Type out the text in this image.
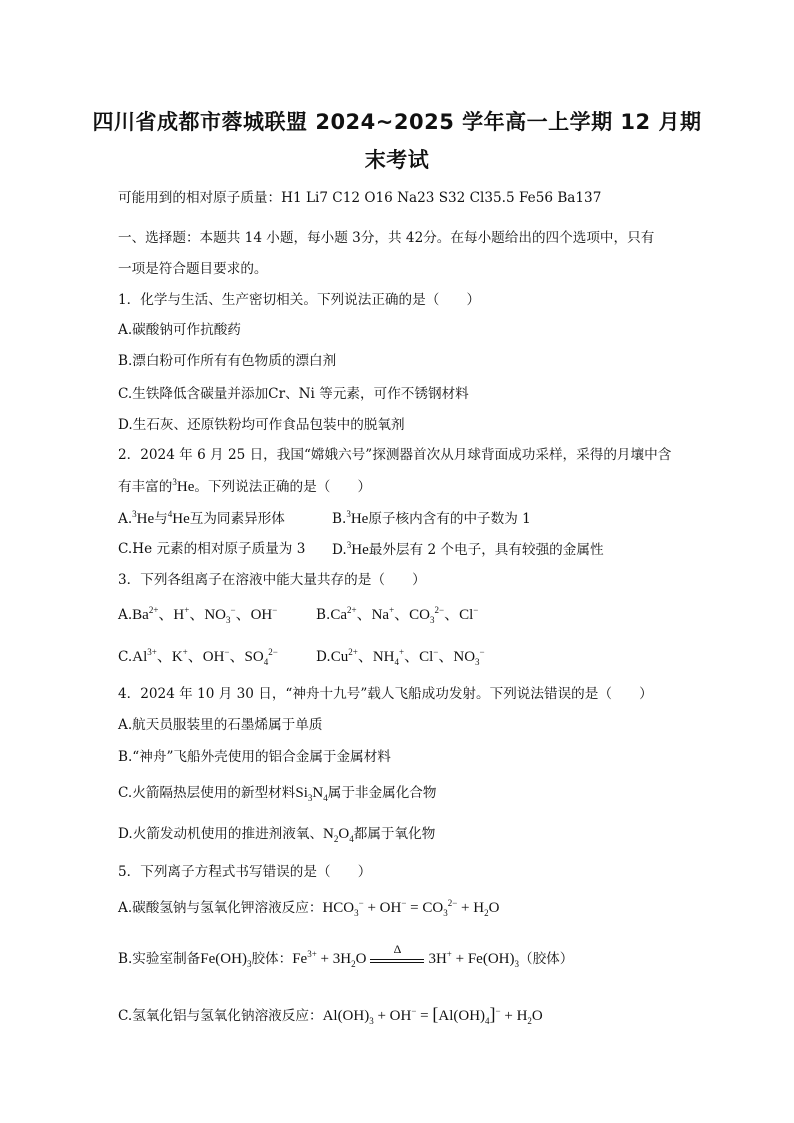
四川省成都市蓉城联盟 2024~2025 学年高一上学期 12 月期
末考试
可能用到的相对原子质量：H1 Li7 C12 O16 Na23 S32 Cl35.5 Fe56 Ba137
一、选择题：本题共 14 小题，每小题 3分，共 42分。在每小题给出的四个选项中，只有
一项是符合题目要求的。
1．化学与生活、生产密切相关。下列说法正确的是（　　）
A.碳酸钠可作抗酸药
B.漂白粉可作所有有色物质的漂白剂
C.生铁降低含碳量并添加Cr、Ni 等元素，可作不锈钢材料
D.生石灰、还原铁粉均可作食品包装中的脱氧剂
2．2024 年 6 月 25 日，我国“嫦娥六号”探测器首次从月球背面成功采样，采得的月壤中含
有丰富的$^3$He。下列说法正确的是（　　）
A.$^3$He与$^4$He互为同素异形体	B.$^3$He原子核内含有的中子数为 1
C.He 元素的相对原子质量为 3 D.$^3$He最外层有 2 个电子，具有较强的金属性
3．下列各组离子在溶液中能大量共存的是（　　）
$A.Ba^{2+}$、H+、$NO_3^-$、OH−	$B.Ca^{2+}$、Na+、$CO_3^{2-}$、Cl−
$C.Al^{3+}$、K+、OH−、$SO_4^{2-}$	$D.Cu^{2+}$、$NH_4^+$、Cl−、$NO_3^-$
4．2024 年 10 月 30 日，“神舟十九号”载人飞船成功发射。下列说法错误的是（　　）
A.航天员服装里的石墨烯属于单质
B.“神舟”飞船外壳使用的铝合金属于金属材料
C.火箭隔热层使用的新型材料$Si_3N_4$属于非金属化合物
D.火箭发动机使用的推进剂液氧、$N_2O_4$都属于氧化物
5．下列离子方程式书写错误的是（　　）
A.碳酸氢钠与氢氧化钾溶液反应：$HCO_3^- + OH^- = CO_3^{2-} + H_2O$
B.实验室制备$Fe(OH)_3$胶体：$Fe^{3+} + 3H_2O$
Δ
$3H^+ + Fe(OH)_3$（胶体）
C.氢氧化铝与氢氧化钠溶液反应：$Al(OH)_3 + OH^- = [Al(OH)_4]^- + H_2O$
